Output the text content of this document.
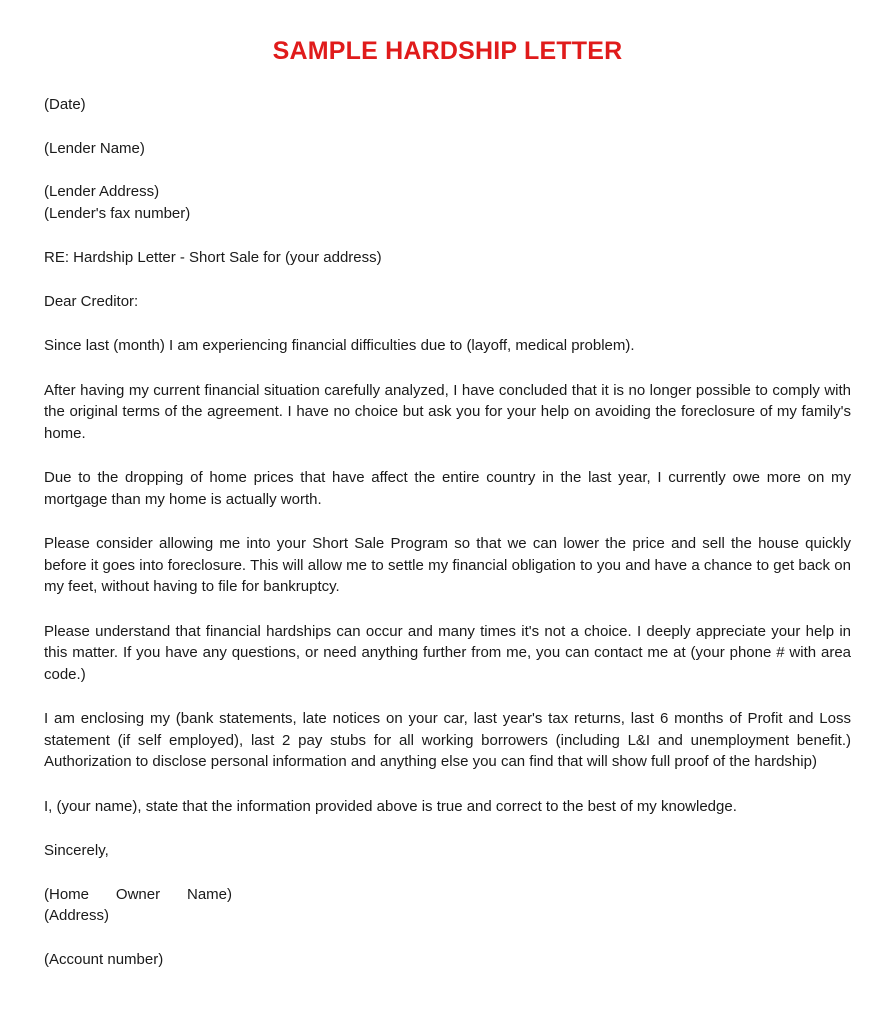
SAMPLE HARDSHIP LETTER

(Date)

(Lender Name)

(Lender Address)

(Lender's fax number)

RE: Hardship Letter - Short Sale for (your address)

Dear Creditor:

Since last (month) I am experiencing financial difficulties due to (layoff, medical problem).

After having my current financial situation carefully analyzed, I have concluded that it is no longer possible to comply with the original terms of the agreement. I have no choice but ask you for your help on avoiding the foreclosure of my family's home.

Due to the dropping of home prices that have affect the entire country in the last year, I currently owe more on my mortgage than my home is actually worth.

Please consider allowing me into your Short Sale Program so that we can lower the price and sell the house quickly before it goes into foreclosure. This will allow me to settle my financial obligation to you and have a chance to get back on my feet, without having to file for bankruptcy.

Please understand that financial hardships can occur and many times it's not a choice. I deeply appreciate your help in this matter. If you have any questions, or need anything further from me, you can contact me at (your phone # with area code.)

I am enclosing my (bank statements, late notices on your car, last year's tax returns, last 6 months of Profit and Loss statement (if self employed), last 2 pay stubs for all working borrowers (including L&I and unemployment benefit.) Authorization to disclose personal information and anything else you can find that will show full proof of the hardship)

I, (your name), state that the information provided above is true and correct to the best of my knowledge.

Sincerely,

(Home Owner Name)

(Address)

(Account number)
